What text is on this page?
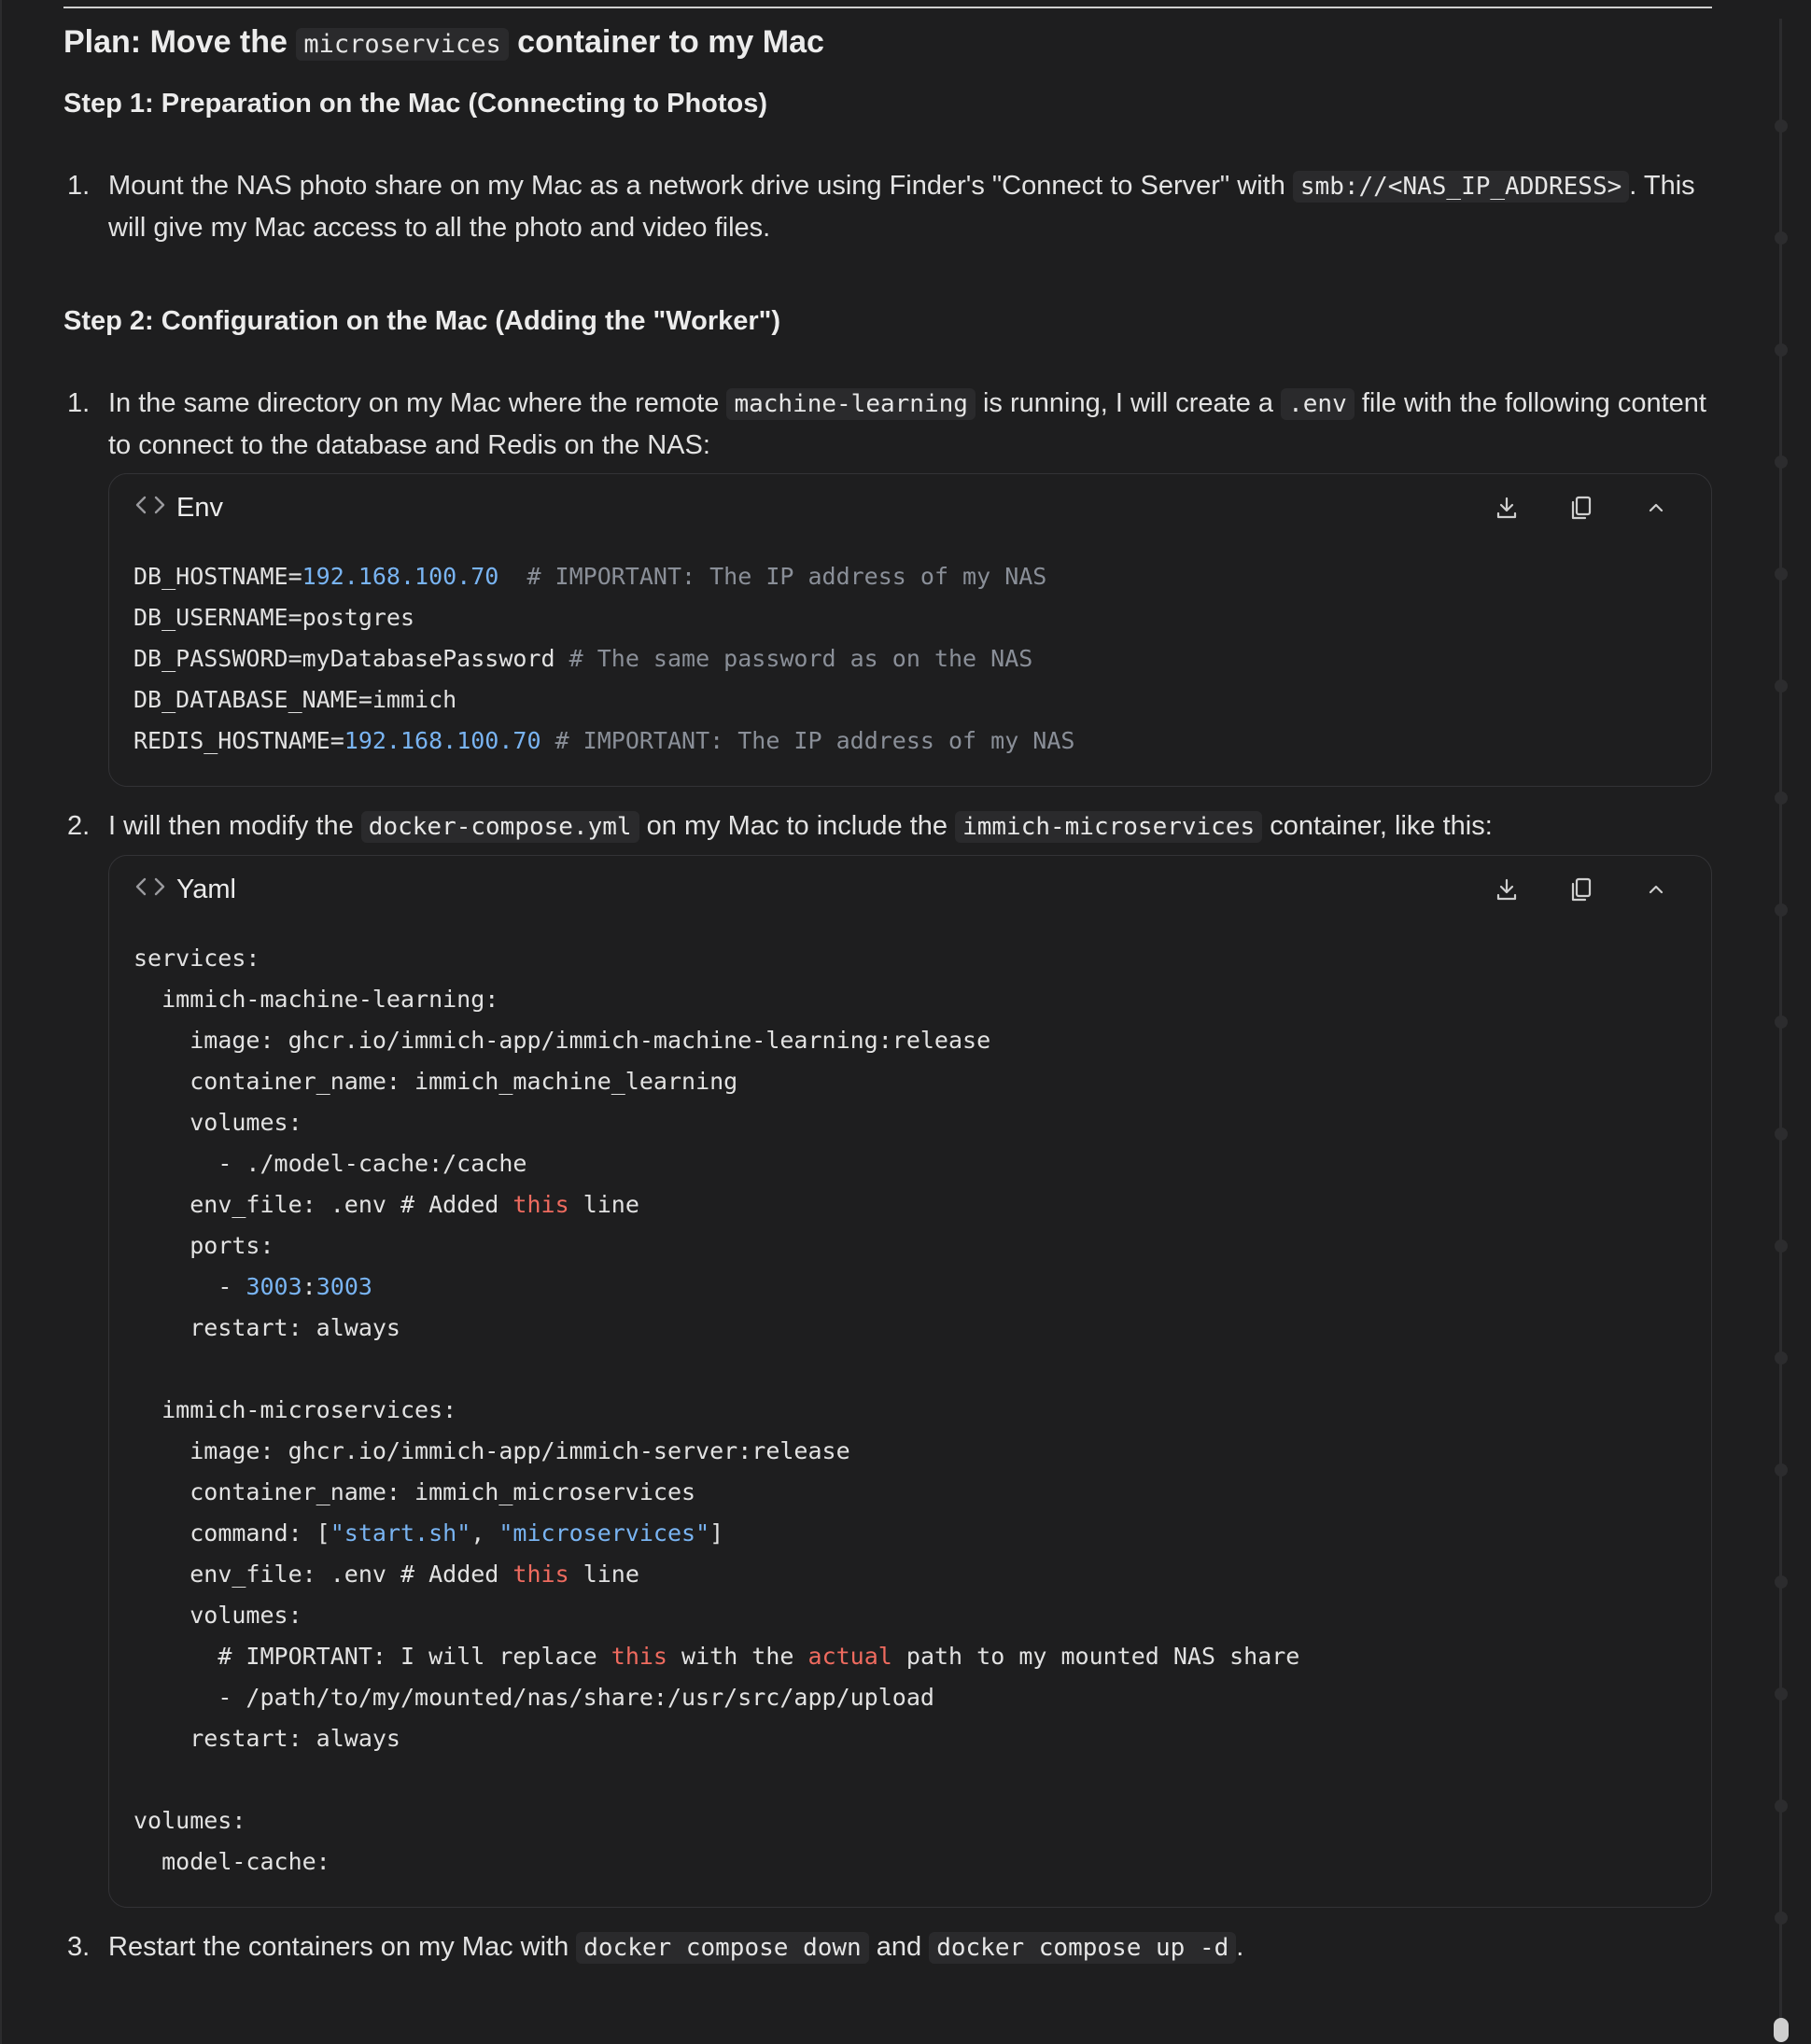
Plan: Move the microservices container to my Mac
Step 1: Preparation on the Mac (Connecting to Photos)
1. Mount the NAS photo share on my Mac as a network drive using Finder's "Connect to Server" with smb://<NAS_IP_ADDRESS> . This will give my Mac access to all the photo and video files.
Step 2: Configuration on the Mac (Adding the "Worker")
1. In the same directory on my Mac where the remote machine-learning is running, I will create a .env file with the following content to connect to the database and Redis on the NAS:
Env
DB_HOSTNAME=192.168.100.70 # IMPORTANT: The IP address of my NAS
DB_USERNAME=postgres
DB_PASSWORD=myDatabasePassword # The same password as on the NAS
DB_DATABASE_NAME=immich
REDIS_HOSTNAME=192.168.100.70 # IMPORTANT: The IP address of my NAS
2. I will then modify the docker-compose.yml on my Mac to include the immich-microservices container, like this:
Yaml
services:
immich-machine-learning:
image: ghcr.io/immich-app/immich-machine-learning:release
container_name: immich_machine_learning
volumes:
- ./model-cache:/cache
env_file: .env # Added this line
ports:
- 3003:3003
restart: always

immich-microservices:
image: ghcr.io/immich-app/immich-server:release
container_name: immich_microservices
command: ["start.sh", "microservices"]
env_file: .env # Added this line
volumes:
# IMPORTANT: I will replace this with the actual path to my mounted NAS share
- /path/to/my/mounted/nas/share:/usr/src/app/upload
restart: always

volumes:
model-cache:
3. Restart the containers on my Mac with docker compose down and docker compose up -d .
